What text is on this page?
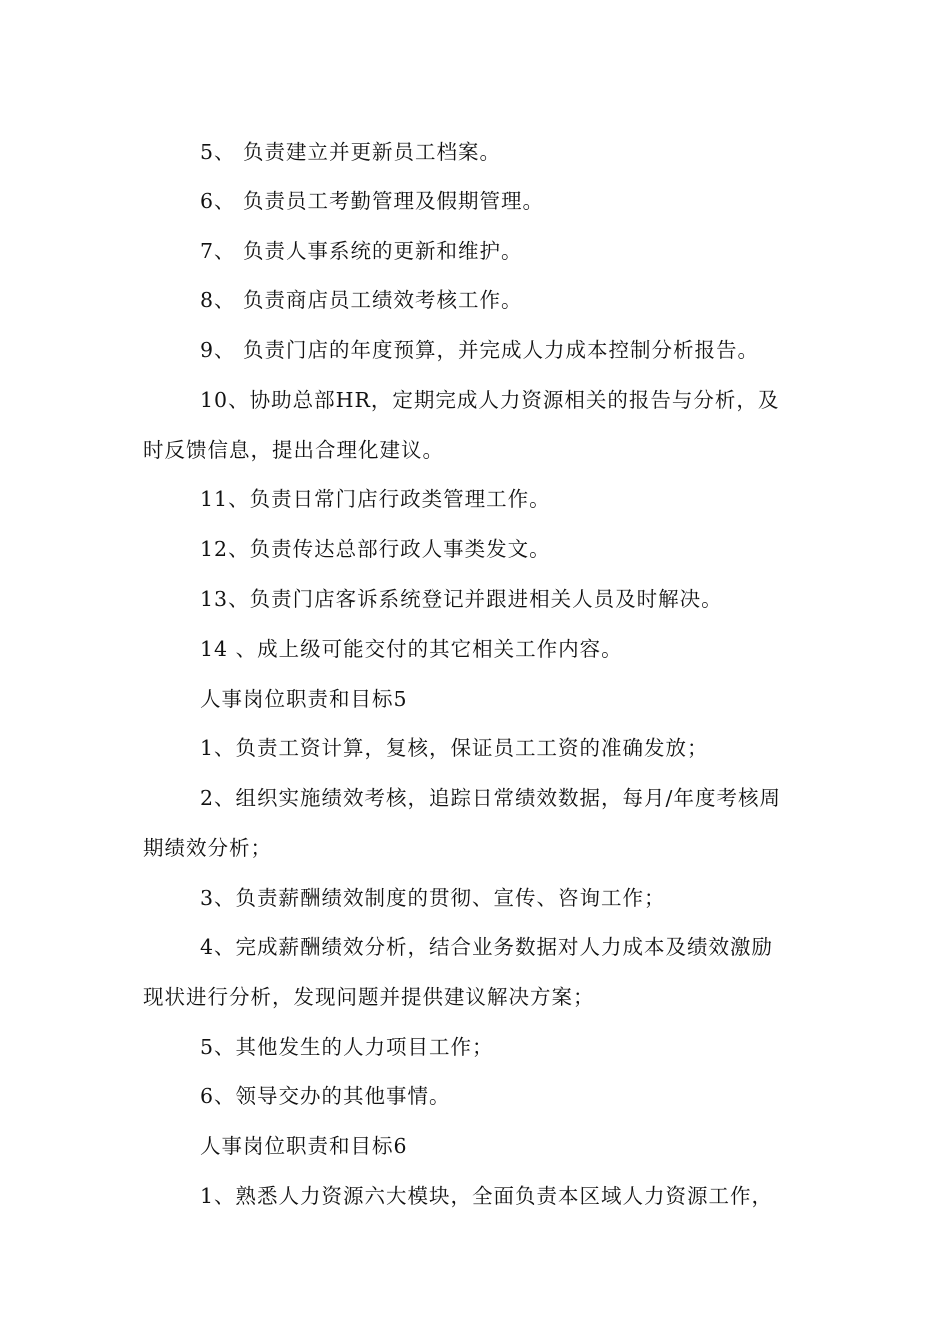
5、 负责建立并更新员工档案。
6、 负责员工考勤管理及假期管理。
7、 负责人事系统的更新和维护。
8、 负责商店员工绩效考核工作。
9、 负责门店的年度预算，并完成人力成本控制分析报告。
10、协助总部HR，定期完成人力资源相关的报告与分析，及
时反馈信息，提出合理化建议。
11、负责日常门店行政类管理工作。
12、负责传达总部行政人事类发文。
13、负责门店客诉系统登记并跟进相关人员及时解决。
14 、成上级可能交付的其它相关工作内容。
人事岗位职责和目标5
1、负责工资计算，复核，保证员工工资的准确发放；
2、组织实施绩效考核，追踪日常绩效数据，每月/年度考核周
期绩效分析；
3、负责薪酬绩效制度的贯彻、宣传、咨询工作；
4、完成薪酬绩效分析，结合业务数据对人力成本及绩效激励
现状进行分析，发现问题并提供建议解决方案；
5、其他发生的人力项目工作；
6、领导交办的其他事情。
人事岗位职责和目标6
1、熟悉人力资源六大模块，全面负责本区域人力资源工作，
